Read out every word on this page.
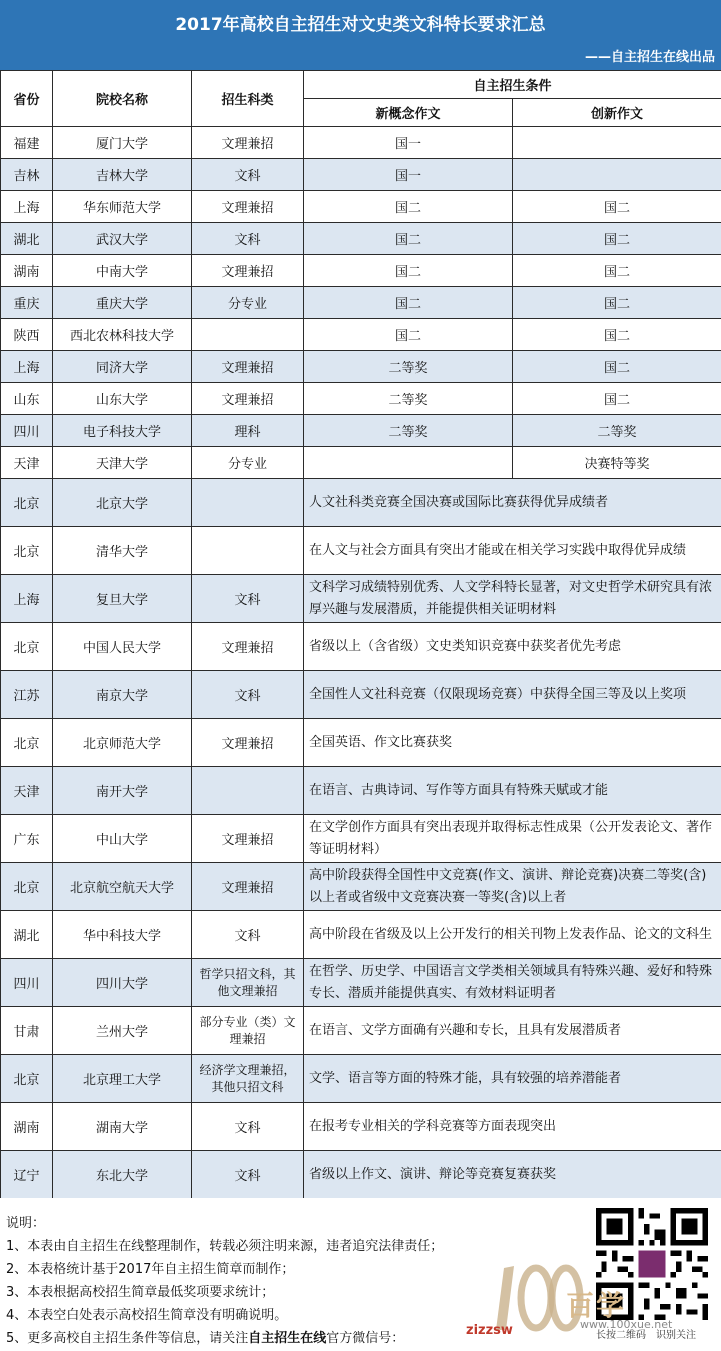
2017年高校自主招生对文史类文科特长要求汇总
——自主招生在线出品
省份	院校名称	招生科类	自主招生条件	
			新概念作文	创新作文
福建	厦门大学	文理兼招	国一	
吉林	吉林大学	文科	国一	
上海	华东师范大学	文理兼招	国二	国二
湖北	武汉大学	文科	国二	国二
湖南	中南大学	文理兼招	国二	国二
重庆	重庆大学	分专业	国二	国二
陕西	西北农林科技大学		国二	国二
上海	同济大学	文理兼招	二等奖	国二
山东	山东大学	文理兼招	二等奖	国二
四川	电子科技大学	理科	二等奖	二等奖
天津	天津大学	分专业		决赛特等奖
北京	北京大学		人文社科类竞赛全国决赛或国际比赛获得优异成绩者	
北京	清华大学		在人文与社会方面具有突出才能或在相关学习实践中取得优异成绩	
上海	复旦大学	文科	文科学习成绩特别优秀、人文学科特长显著，对文史哲学术研究具有浓厚兴趣与发展潜质，并能提供相关证明材料	
北京	中国人民大学	文理兼招	省级以上（含省级）文史类知识竞赛中获奖者优先考虑	
江苏	南京大学	文科	全国性人文社科竞赛（仅限现场竞赛）中获得全国三等及以上奖项	
北京	北京师范大学	文理兼招	全国英语、作文比赛获奖	
天津	南开大学		在语言、古典诗词、写作等方面具有特殊天赋或才能	
广东	中山大学	文理兼招	在文学创作方面具有突出表现并取得标志性成果（公开发表论文、著作等证明材料）	
北京	北京航空航天大学	文理兼招	高中阶段获得全国性中文竞赛(作文、演讲、辩论竞赛)决赛二等奖(含)以上者或省级中文竞赛决赛一等奖(含)以上者	
湖北	华中科技大学	文科	高中阶段在省级及以上公开发行的相关刊物上发表作品、论文的文科生	
四川	四川大学	哲学只招文科，其他文理兼招	在哲学、历史学、中国语言文学类相关领域具有特殊兴趣、爱好和特殊专长、潜质并能提供真实、有效材料证明者	
甘肃	兰州大学	部分专业（类）文理兼招	在语言、文学方面确有兴趣和专长，且具有发展潜质者	
北京	北京理工大学	经济学文理兼招，其他只招文科	文学、语言等方面的特殊才能，具有较强的培养潜能者	
湖南	湖南大学	文科	在报考专业相关的学科竞赛等方面表现突出	
辽宁	东北大学	文科	省级以上作文、演讲、辩论等竞赛复赛获奖	
说明：
1、本表由自主招生在线整理制作，转载必须注明来源，违者追究法律责任；
2、本表格统计基于2017年自主招生简章而制作；
3、本表根据高校招生简章最低奖项要求统计；
4、本表空白处表示高校招生简章没有明确说明。
5、更多高校自主招生条件等信息，请关注自主招生在线官方微信号：	长按二维码　识别关注
百学
www.100xue.net
zizzsw
